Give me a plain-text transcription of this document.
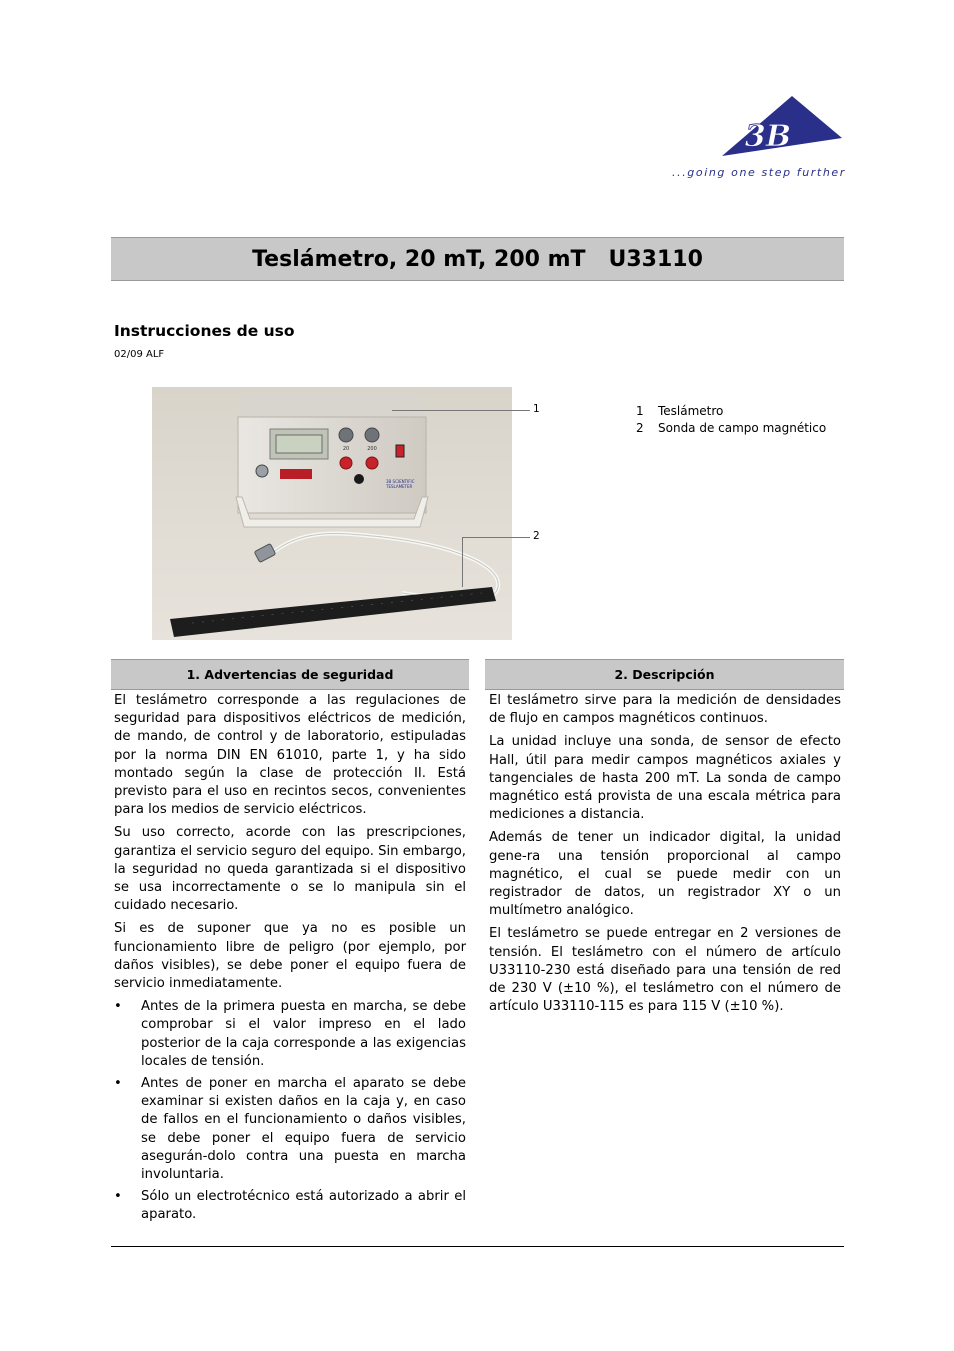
3B	®
...going one step further
Teslámetro, 20 mT, 200 mT   U33110
Instrucciones de uso
02/09 ALF
20	200
3B SCIENTIFIC
TESLAMETER
1
2
1	Teslámetro
2	Sonda de campo magnético
1. Advertencias de seguridad	2. Descripción

El teslámetro corresponde a las regulaciones de seguridad para dispositivos eléctricos de medición, de mando, de control y de laboratorio, estipuladas por la norma DIN EN 61010, parte 1, y ha sido montado según la clase de protección II. Está previsto para el uso en recintos secos, convenientes para los medios de servicio eléctricos.

Su uso correcto, acorde con las prescripciones, garantiza el servicio seguro del equipo. Sin embargo, la seguridad no queda garantizada si el dispositivo se usa incorrectamente o se lo manipula sin el cuidado necesario.

Si es de suponer que ya no es posible un funcionamiento libre de peligro (por ejemplo, por daños visibles), se debe poner el equipo fuera de servicio inmediatamente.

• Antes de la primera puesta en marcha, se debe comprobar si el valor impreso en el lado posterior de la caja corresponde a las exigencias locales de tensión.
• Antes de poner en marcha el aparato se debe examinar si existen daños en la caja y, en caso de fallos en el funcionamiento o daños visibles, se debe poner el equipo fuera de servicio asegurán-dolo contra una puesta en marcha involuntaria.
• Sólo un electrotécnico está autorizado a abrir el aparato.

El teslámetro sirve para la medición de densidades de flujo en campos magnéticos continuos.

La unidad incluye una sonda, de sensor de efecto Hall, útil para medir campos magnéticos axiales y tangenciales de hasta 200 mT. La sonda de campo magnético está provista de una escala métrica para mediciones a distancia.

Además de tener un indicador digital, la unidad gene-ra una tensión proporcional al campo magnético, el cual se puede medir con un registrador de datos, un registrador XY o un multímetro analógico.

El teslámetro se puede entregar en 2 versiones de tensión. El teslámetro con el número de artículo U33110-230 está diseñado para una tensión de red de 230 V (±10 %), el teslámetro con el número de artículo U33110-115 es para 115 V (±10 %).
